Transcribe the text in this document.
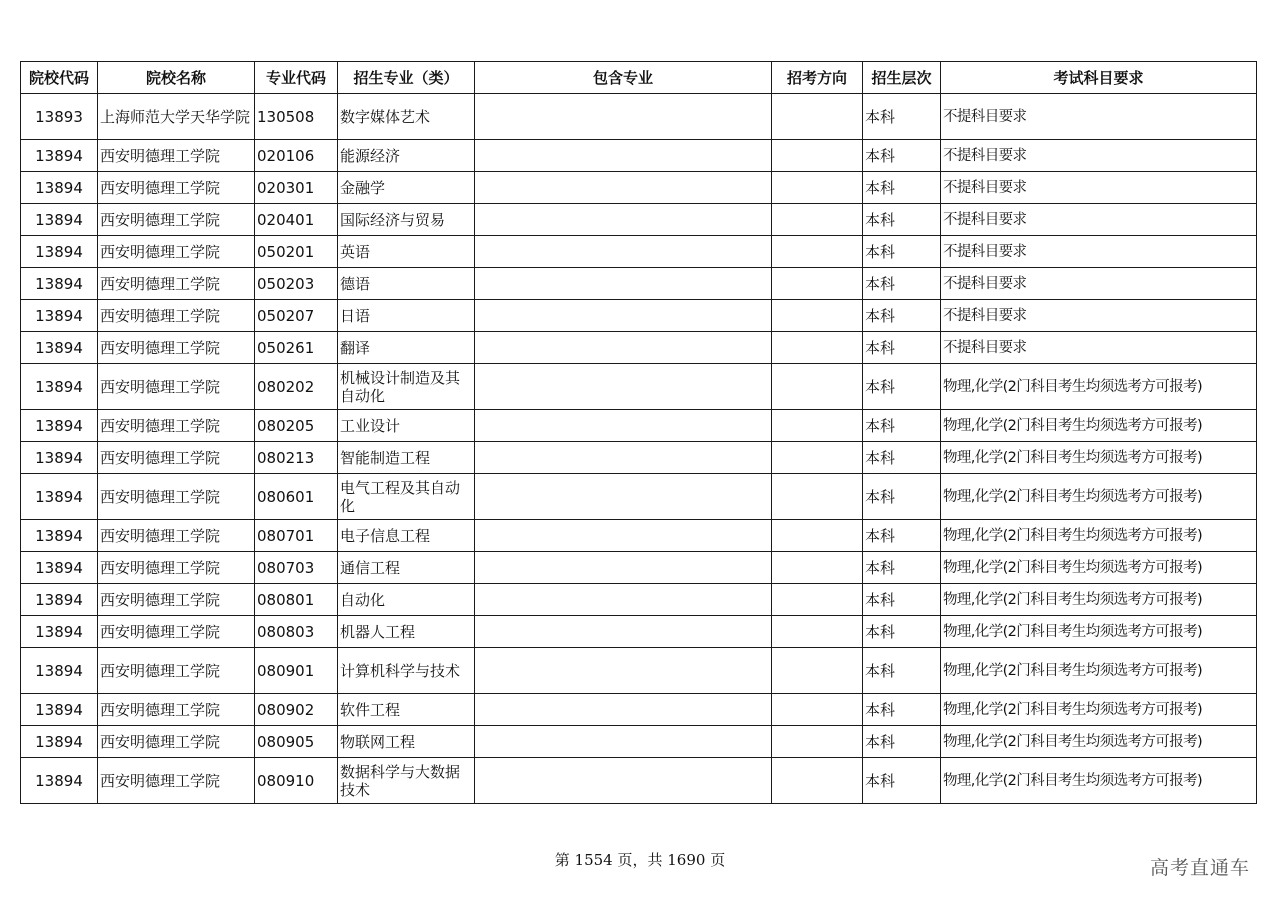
院校代码	院校名称	专业代码	招生专业（类）	包含专业	招考方向	招生层次	考试科目要求
13893	上海师范大学天华学院	130508	数字媒体艺术			本科	不提科目要求
13894	西安明德理工学院	020106	能源经济			本科	不提科目要求
13894	西安明德理工学院	020301	金融学			本科	不提科目要求
13894	西安明德理工学院	020401	国际经济与贸易			本科	不提科目要求
13894	西安明德理工学院	050201	英语			本科	不提科目要求
13894	西安明德理工学院	050203	德语			本科	不提科目要求
13894	西安明德理工学院	050207	日语			本科	不提科目要求
13894	西安明德理工学院	050261	翻译			本科	不提科目要求
13894	西安明德理工学院	080202	机械设计制造及其自动化			本科	物理,化学(2门科目考生均须选考方可报考)
13894	西安明德理工学院	080205	工业设计			本科	物理,化学(2门科目考生均须选考方可报考)
13894	西安明德理工学院	080213	智能制造工程			本科	物理,化学(2门科目考生均须选考方可报考)
13894	西安明德理工学院	080601	电气工程及其自动化			本科	物理,化学(2门科目考生均须选考方可报考)
13894	西安明德理工学院	080701	电子信息工程			本科	物理,化学(2门科目考生均须选考方可报考)
13894	西安明德理工学院	080703	通信工程			本科	物理,化学(2门科目考生均须选考方可报考)
13894	西安明德理工学院	080801	自动化			本科	物理,化学(2门科目考生均须选考方可报考)
13894	西安明德理工学院	080803	机器人工程			本科	物理,化学(2门科目考生均须选考方可报考)
13894	西安明德理工学院	080901	计算机科学与技术			本科	物理,化学(2门科目考生均须选考方可报考)
13894	西安明德理工学院	080902	软件工程			本科	物理,化学(2门科目考生均须选考方可报考)
13894	西安明德理工学院	080905	物联网工程			本科	物理,化学(2门科目考生均须选考方可报考)
13894	西安明德理工学院	080910	数据科学与大数据技术			本科	物理,化学(2门科目考生均须选考方可报考)
第 1554 页，共 1690 页	高考直通车
